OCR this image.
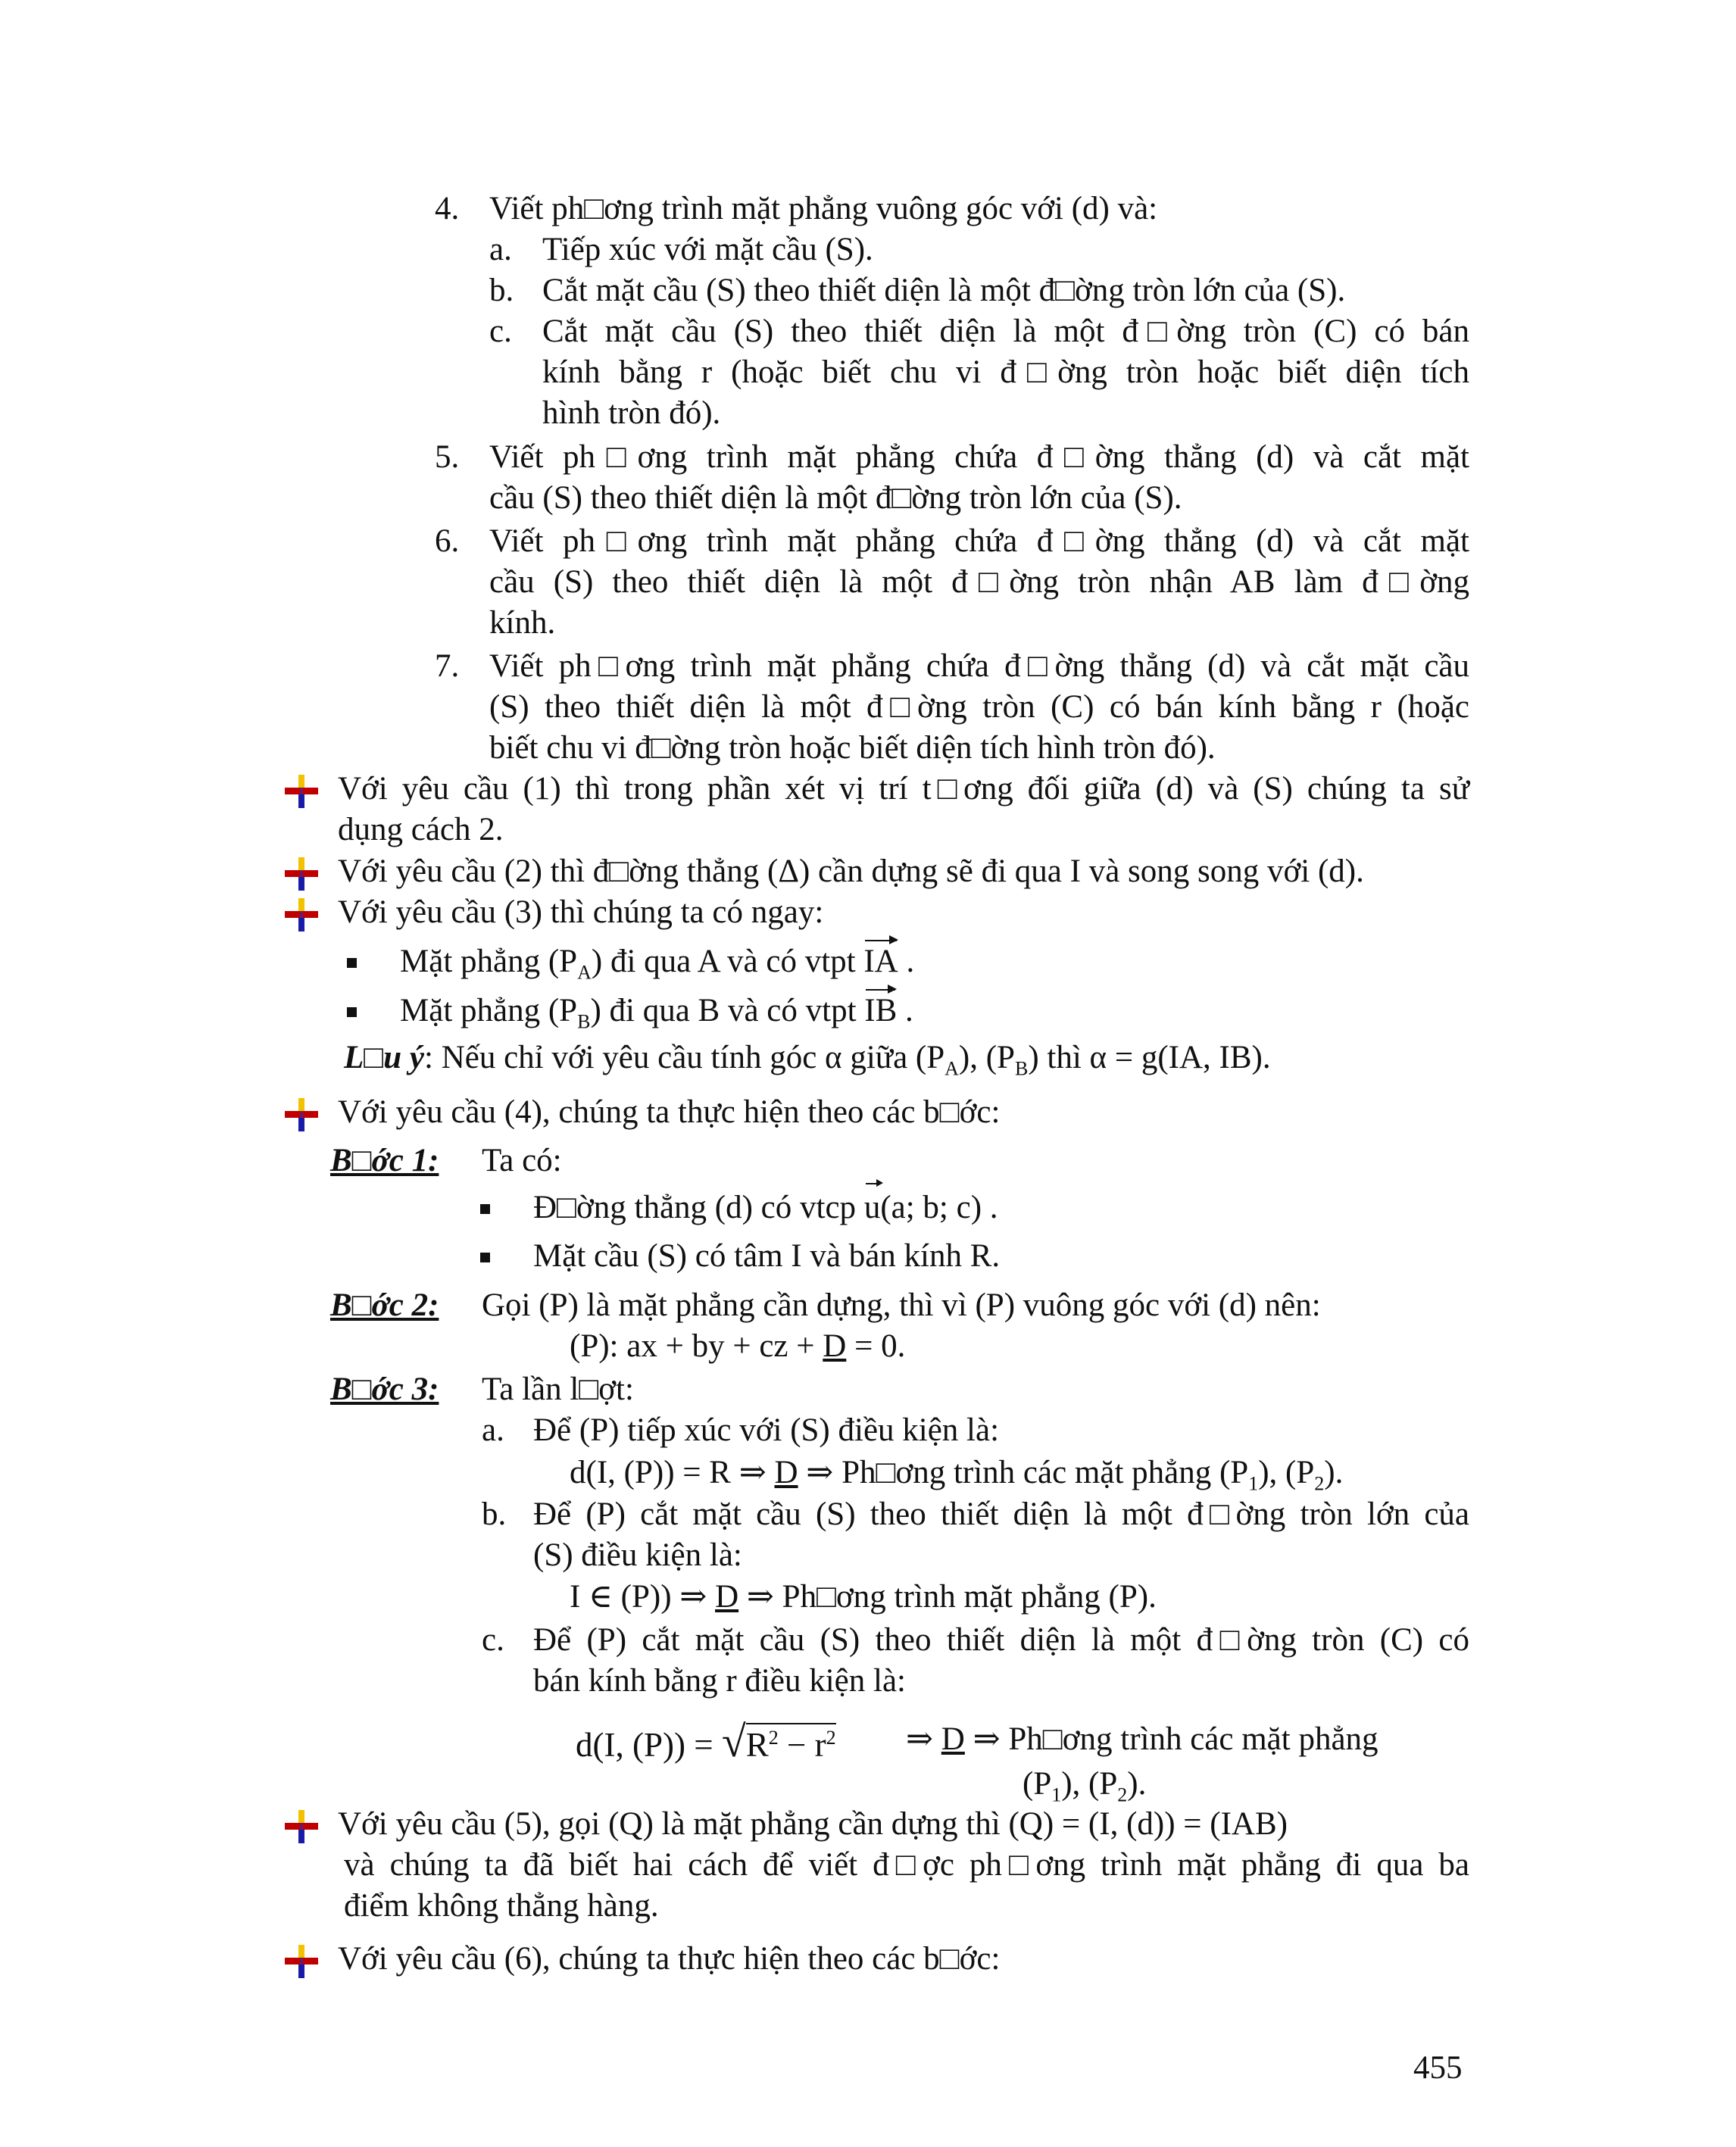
4. Viết ph□ơng trình mặt phẳng vuông góc với (d) và:
a. Tiếp xúc với mặt cầu (S).
b. Cắt mặt cầu (S) theo thiết diện là một đ□ờng tròn lớn của (S).
c. Cắt mặt cầu (S) theo thiết diện là một đ□ờng tròn (C) có bán
kính bằng r (hoặc biết chu vi đ□ờng tròn hoặc biết diện tích
hình tròn đó).
5. Viết ph□ơng trình mặt phẳng chứa đ□ờng thẳng (d) và cắt mặt
cầu (S) theo thiết diện là một đ□ờng tròn lớn của (S).
6. Viết ph□ơng trình mặt phẳng chứa đ□ờng thẳng (d) và cắt mặt
cầu (S) theo thiết diện là một đ□ờng tròn nhận AB làm đ□ờng
kính.
7. Viết ph□ơng trình mặt phẳng chứa đ□ờng thẳng (d) và cắt mặt cầu
(S) theo thiết diện là một đ□ờng tròn (C) có bán kính bằng r (hoặc
biết chu vi đ□ờng tròn hoặc biết diện tích hình tròn đó).
Với yêu cầu (1) thì trong phần xét vị trí t□ơng đối giữa (d) và (S) chúng ta sử
dụng cách 2.
Với yêu cầu (2) thì đ□ờng thẳng (Δ) cần dựng sẽ đi qua I và song song với (d).
Với yêu cầu (3) thì chúng ta có ngay:
Mặt phẳng $(P_A)$ đi qua A và có vtpt IA .
Mặt phẳng $(P_B)$ đi qua B và có vtpt IB .
L□u ý: Nếu chỉ với yêu cầu tính góc α giữa $(P_A)$, $(P_B)$ thì α = g(IA, IB).
Với yêu cầu (4), chúng ta thực hiện theo các b□ớc:
B□ớc 1: Ta có:
Đ□ờng thẳng (d) có vtcp u(a; b; c) .
Mặt cầu (S) có tâm I và bán kính R.
B□ớc 2: Gọi (P) là mặt phẳng cần dựng, thì vì (P) vuông góc với (d) nên:
(P): ax + by + cz + D = 0.
B□ớc 3: Ta lần l□ợt:
a. Để (P) tiếp xúc với (S) điều kiện là:
d(I, (P)) = R ⇒ D ⇒ Ph□ơng trình các mặt phẳng $(P_1)$, $(P_2)$.
b. Để (P) cắt mặt cầu (S) theo thiết diện là một đ□ờng tròn lớn của
(S) điều kiện là:
I ∈ (P)) ⇒ D ⇒ Ph□ơng trình mặt phẳng (P).
c. Để (P) cắt mặt cầu (S) theo thiết diện là một đ□ờng tròn (C) có
bán kính bằng r điều kiện là:
d(I, $(P)) = √R^2 - r^2$ ⇒ D ⇒ Ph□ơng trình các mặt phẳng
$(P_1)$, $(P_2)$.
Với yêu cầu (5), gọi (Q) là mặt phẳng cần dựng thì (Q) = (I, (d)) = (IAB)
và chúng ta đã biết hai cách để viết đ□ợc ph□ơng trình mặt phẳng đi qua ba
điểm không thẳng hàng.
Với yêu cầu (6), chúng ta thực hiện theo các b□ớc:
455
